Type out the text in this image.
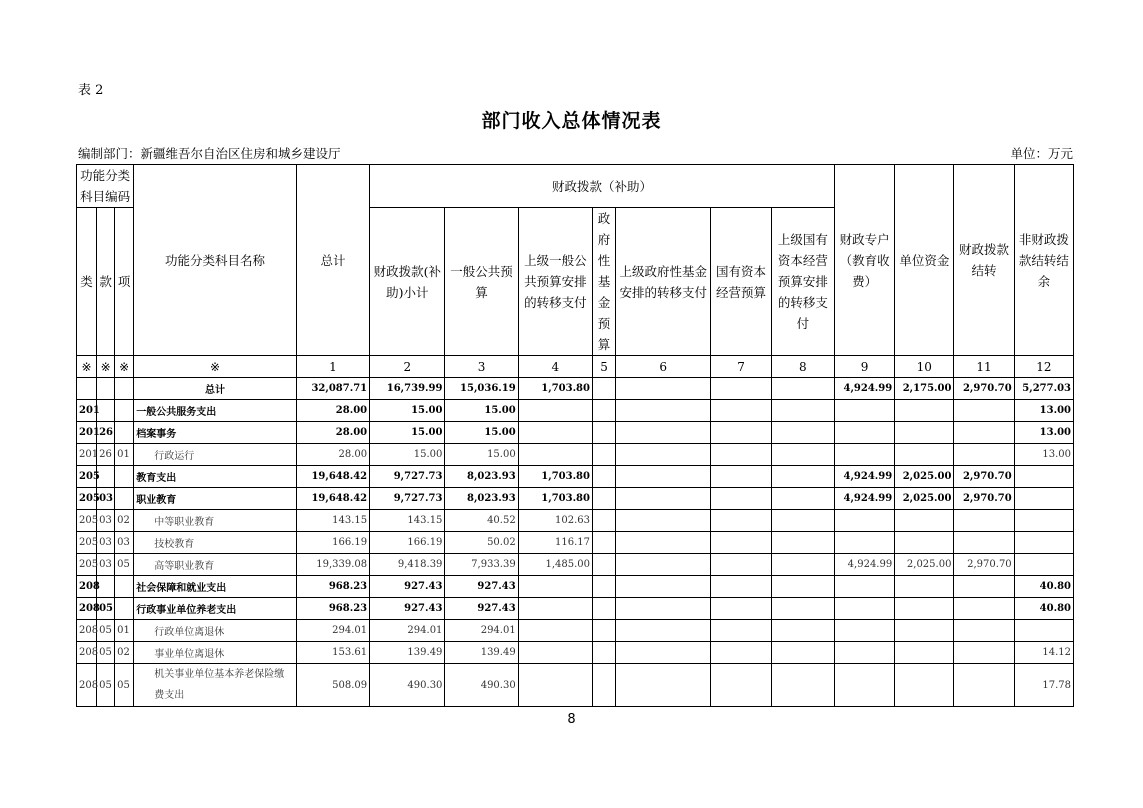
表 2
部门收入总体情况表
编制部门：新疆维吾尔自治区住房和城乡建设厅	单位：万元
功能分类科目编码			功能分类科目名称	总计	财政拨款（补助）							财政专户（教育收费）	单位资金	财政拨款结转	非财政拨款结转结余
类	款	项			财政拨款(补助)小计	一般公共预算	上级一般公共预算安排的转移支付	政府性基金预算	上级政府性基金安排的转移支付	国有资本经营预算	上级国有资本经营预算安排的转移支付				
※	※	※	※	1	2	3	4	5	6	7	8	9	10	11	12
			总计	32,087.71	16,739.99	15,036.19	1,703.80					4,924.99	2,175.00	2,970.70	5,277.03
201			一般公共服务支出	28.00	15.00	15.00									13.00
201	26		档案事务	28.00	15.00	15.00									13.00
201	26	01	行政运行	28.00	15.00	15.00									13.00
205			教育支出	19,648.42	9,727.73	8,023.93	1,703.80					4,924.99	2,025.00	2,970.70	
205	03		职业教育	19,648.42	9,727.73	8,023.93	1,703.80					4,924.99	2,025.00	2,970.70	
205	03	02	中等职业教育	143.15	143.15	40.52	102.63								
205	03	03	技校教育	166.19	166.19	50.02	116.17								
205	03	05	高等职业教育	19,339.08	9,418.39	7,933.39	1,485.00					4,924.99	2,025.00	2,970.70	
208			社会保障和就业支出	968.23	927.43	927.43									40.80
208	05		行政事业单位养老支出	968.23	927.43	927.43									40.80
208	05	01	行政单位离退休	294.01	294.01	294.01									
208	05	02	事业单位离退休	153.61	139.49	139.49									14.12
208	05	05	机关事业单位基本养老保险缴费支出	508.09	490.30	490.30									17.78
8
